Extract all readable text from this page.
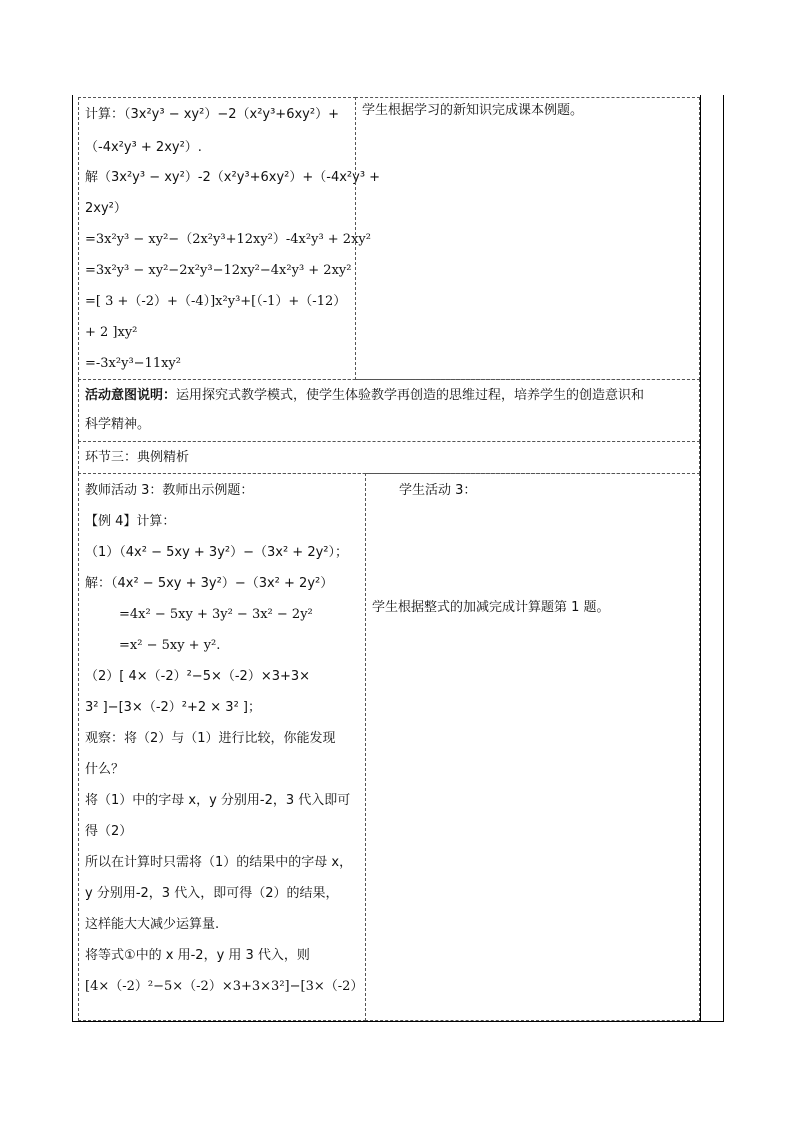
计算：（3x²y³ − xy²）−2（x²y³+6xy²）+
（-4x²y³ + 2xy²）.
解（3x²y³ − xy²）-2（x²y³+6xy²）+（-4x²y³ +
2xy²）
=3x²y³ − xy²−（2x²y³+12xy²）-4x²y³ + 2xy²
=3x²y³ − xy²−2x²y³−12xy²−4x²y³ + 2xy²
=[ 3 +（-2）+（-4）]x²y³+[（-1）+（-12）
+ 2 ]xy²
=-3x²y³−11xy²
学生根据学习的新知识完成课本例题。
活动意图说明：运用探究式教学模式，使学生体验教学再创造的思维过程，培养学生的创造意识和
科学精神。
环节三：典例精析
教师活动 3：教师出示例题：
【例 4】计算：
（1）（4x² − 5xy + 3y²）−（3x² + 2y²）；
解：（4x² − 5xy + 3y²）−（3x² + 2y²）
=4x² − 5xy + 3y² − 3x² − 2y²
=x² − 5xy + y².
（2）[ 4×（-2）²−5×（-2）×3+3×
3² ]−[3×（-2）²+2 × 3² ]；
观察：将（2）与（1）进行比较，你能发现
什么？
将（1）中的字母 x，y 分别用-2，3 代入即可
得（2）
所以在计算时只需将（1）的结果中的字母 x，
y 分别用-2，3 代入，即可得（2）的结果，
这样能大大减少运算量.
将等式①中的 x 用-2，y 用 3 代入，则
[4×（-2）²−5×（-2）×3+3×3²]−[3×（-2）
学生活动 3：
学生根据整式的加减完成计算题第 1 题。
